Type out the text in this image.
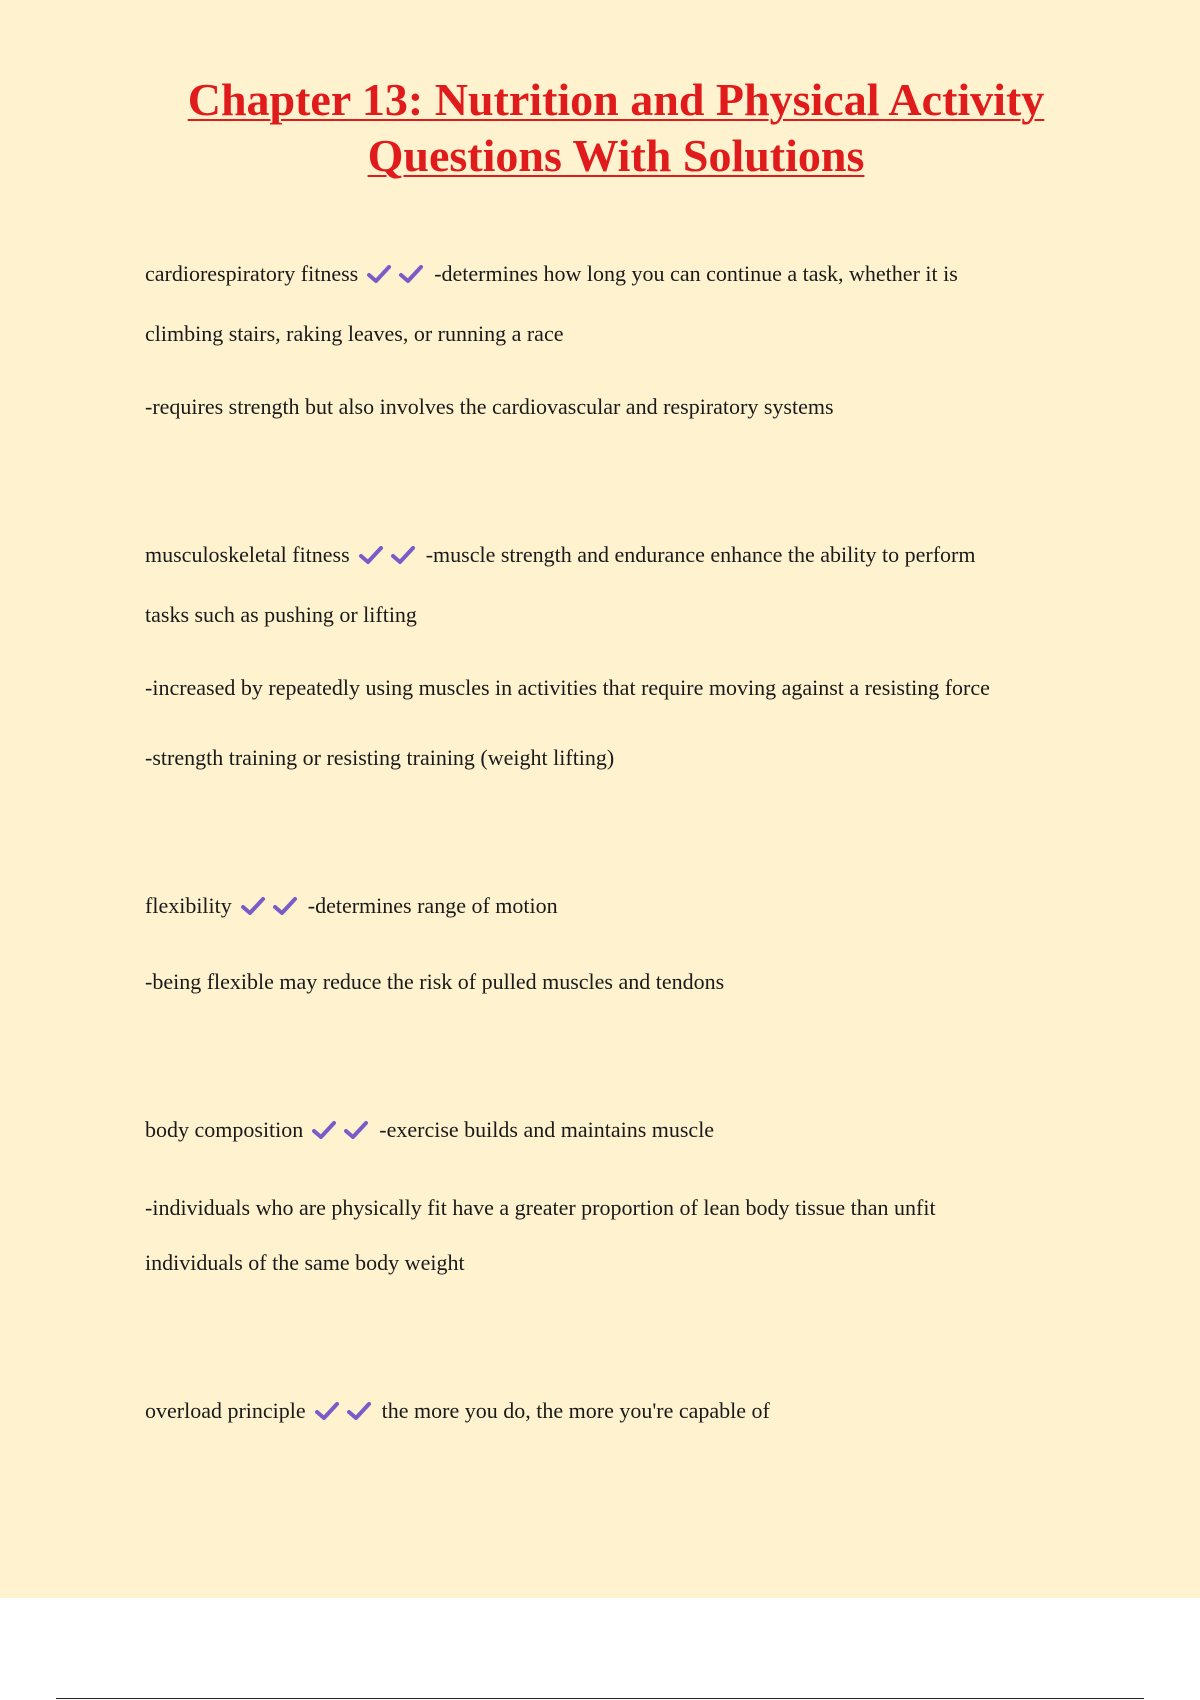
Chapter 13: Nutrition and Physical Activity
Questions With Solutions

cardiorespiratory fitness	-determines how long you can continue a task, whether it is

climbing stairs, raking leaves, or running a race

-requires strength but also involves the cardiovascular and respiratory systems

musculoskeletal fitness	-muscle strength and endurance enhance the ability to perform

tasks such as pushing or lifting

-increased by repeatedly using muscles in activities that require moving against a resisting force

-strength training or resisting training (weight lifting)

flexibility	-determines range of motion

-being flexible may reduce the risk of pulled muscles and tendons

body composition	-exercise builds and maintains muscle

-individuals who are physically fit have a greater proportion of lean body tissue than unfit

individuals of the same body weight

overload principle	the more you do, the more you're capable of
